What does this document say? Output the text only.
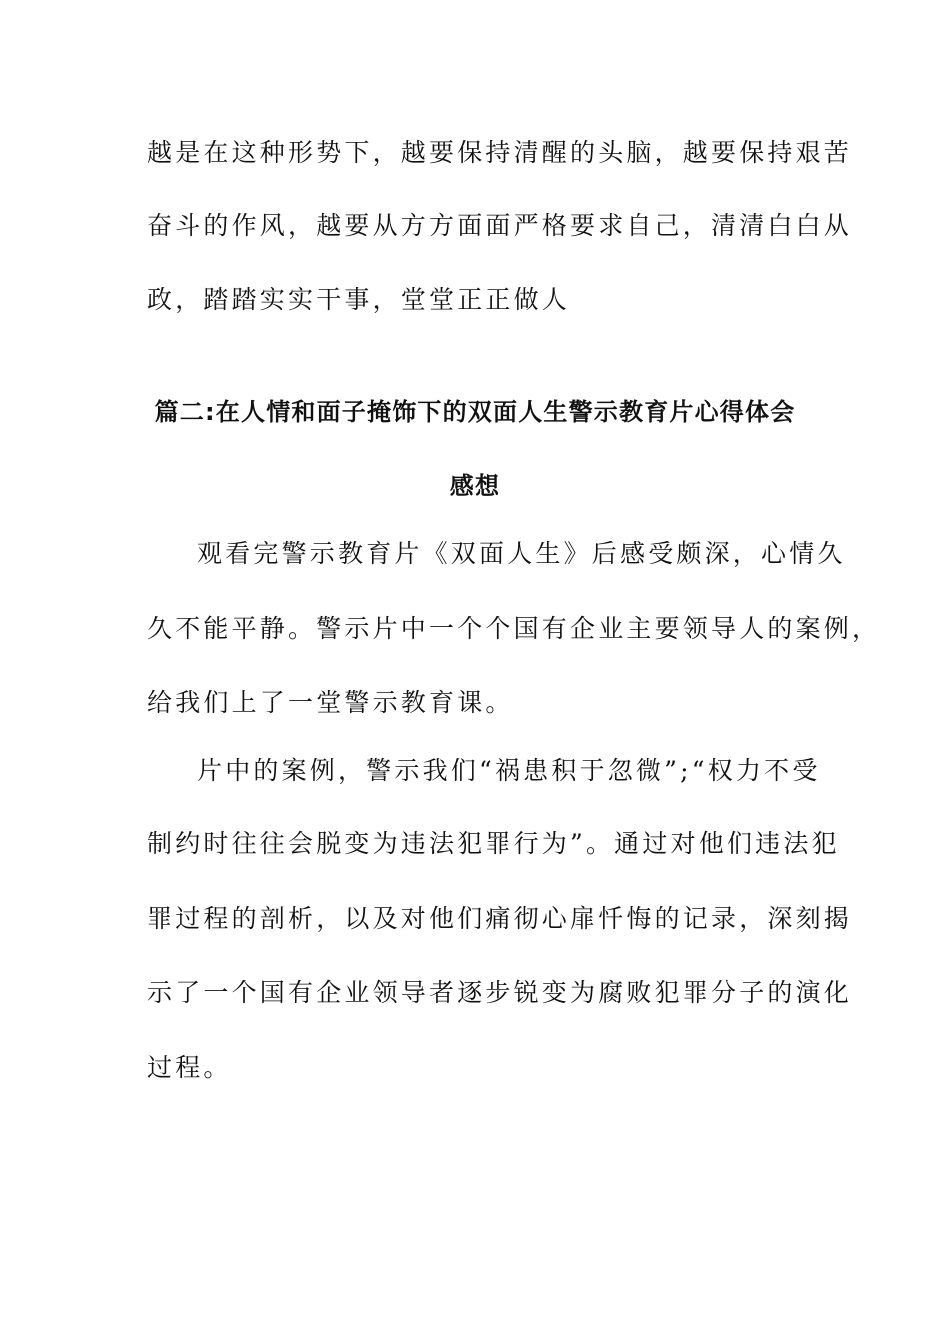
越是在这种形势下，越要保持清醒的头脑，越要保持艰苦
奋斗的作风，越要从方方面面严格要求自己，清清白白从
政，踏踏实实干事，堂堂正正做人
篇二:在人情和面子掩饰下的双面人生警示教育片心得体会
感想
观看完警示教育片《双面人生》后感受颇深，心情久
久不能平静。警示片中一个个国有企业主要领导人的案例，
给我们上了一堂警示教育课。
片中的案例，警示我们“祸患积于忽微”;“权力不受
制约时往往会脱变为违法犯罪行为”。通过对他们违法犯
罪过程的剖析，以及对他们痛彻心扉忏悔的记录，深刻揭
示了一个国有企业领导者逐步锐变为腐败犯罪分子的演化
过程。
